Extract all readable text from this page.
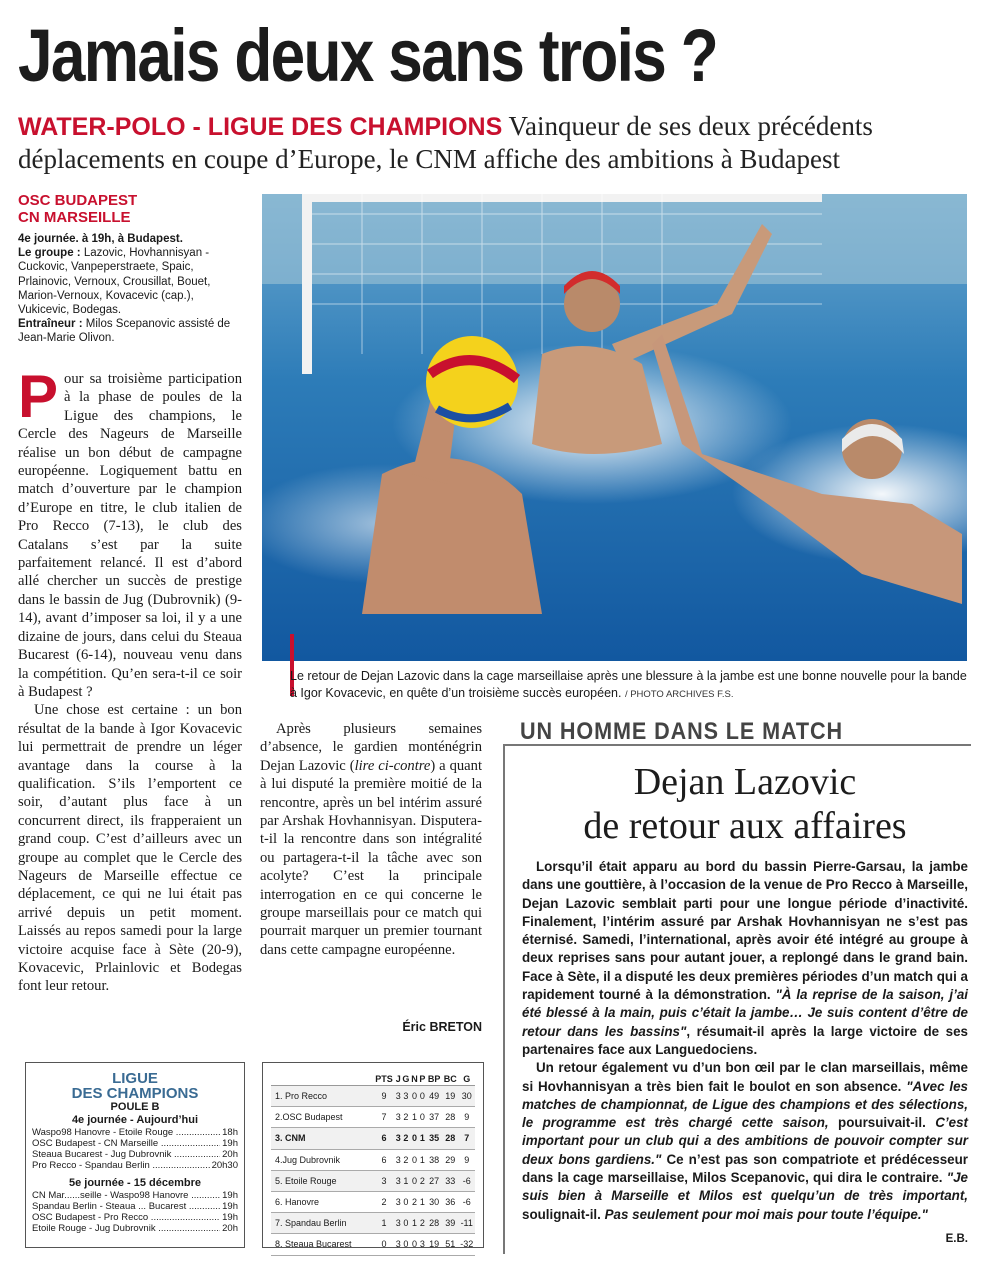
Jamais deux sans trois ?
WATER-POLO - LIGUE DES CHAMPIONS Vainqueur de ses deux précédents déplacements en coupe d’Europe, le CNM affiche des ambitions à Budapest
OSC BUDAPEST
CN MARSEILLE
4e journée. à 19h, à Budapest.
Le groupe : Lazovic, Hovhannisyan - Cuckovic, Vanpeperstraete, Spaic, Prlainovic, Vernoux, Crousillat, Bouet, Marion-Vernoux, Kovacevic (cap.), Vukicevic, Bodegas.
Entraîneur : Milos Scepanovic assisté de Jean-Marie Olivon.

Pour sa troisième participation à la phase de poules de la Ligue des champions, le Cercle des Nageurs de Marseille réalise un bon début de campagne européenne. Logiquement battu en match d’ouverture par le champion d’Europe en titre, le club italien de Pro Recco (7-13), le club des Catalans s’est par la suite parfaitement relancé. Il est d’abord allé chercher un succès de prestige dans le bassin de Jug (Dubrovnik) (9-14), avant d’imposer sa loi, il y a une dizaine de jours, dans celui du Steaua Bucarest (6-14), nouveau venu dans la compétition. Qu’en sera-t-il ce soir à Budapest ?

Une chose est certaine : un bon résultat de la bande à Igor Kovacevic lui permettrait de prendre un léger avantage dans la course à la qualification. S’ils l’emportent ce soir, d’autant plus face à un concurrent direct, ils frapperaient un grand coup. C’est d’ailleurs avec un groupe au complet que le Cercle des Nageurs de Marseille effectue ce déplacement, ce qui ne lui était pas arrivé depuis un petit moment. Laissés au repos samedi pour la large victoire acquise face à Sète (20-9), Kovacevic, Prlainlovic et Bodegas font leur retour.

Après plusieurs semaines d’absence, le gardien monténégrin Dejan Lazovic (lire ci-contre) a quant à lui disputé la première moitié de la rencontre, après un bel intérim assuré par Arshak Hovhannisyan. Disputera-t-il la rencontre dans son intégralité ou partagera-t-il la tâche avec son acolyte? C’est la principale interrogation en ce qui concerne le groupe marseillais pour ce match qui pourrait marquer un premier tournant dans cette campagne européenne.

Éric BRETON
Le retour de Dejan Lazovic dans la cage marseillaise après une blessure à la jambe est une bonne nouvelle pour la bande à Igor Kovacevic, en quête d’un troisième succès européen. / PHOTO ARCHIVES F.S.
UN HOMME DANS LE MATCH
Dejan Lazovic
de retour aux affaires

Lorsqu’il était apparu au bord du bassin Pierre-Garsau, la jambe dans une gouttière, à l’occasion de la venue de Pro Recco à Marseille, Dejan Lazovic semblait parti pour une longue période d’inactivité. Finalement, l’intérim assuré par Arshak Hovhannisyan ne s’est pas éternisé. Samedi, l’international, après avoir été intégré au groupe à deux reprises sans pour autant jouer, a replongé dans le grand bain. Face à Sète, il a disputé les deux premières périodes d’un match qui a rapidement tourné à la démonstration. "À la reprise de la saison, j’ai été blessé à la main, puis c’était la jambe… Je suis content d’être de retour dans les bassins", résumait-il après la large victoire de ses partenaires face aux Languedociens.

Un retour également vu d’un bon œil par le clan marseillais, même si Hovhannisyan a très bien fait le boulot en son absence. "Avec les matches de championnat, de Ligue des champions et des sélections, le programme est très chargé cette saison, poursuivait-il. C’est important pour un club qui a des ambitions de pouvoir compter sur deux bons gardiens." Ce n’est pas son compatriote et prédécesseur dans la cage marseillaise, Milos Scepanovic, qui dira le contraire. "Je suis bien à Marseille et Milos est quelqu’un de très important, soulignait-il. Pas seulement pour moi mais pour toute l’équipe."

E.B.
LIGUE
DES CHAMPIONS
POULE B
4e journée - Aujourd’hui
Waspo98 Hanovre - Etoile Rouge .....	18h
OSC Budapest - CN Marseille .....	19h
Steaua Bucarest - Jug Dubrovnik .....	20h
Pro Recco - Spandau Berlin .....	20h30
5e journée - 15 décembre
CN Mar......seille - Waspo98 Hanovre .....	19h
Spandau Berlin - Steaua ... Bucarest .....	19h
OSC Budapest - Pro Recco .....	19h
Etoile Rouge - Jug Dubrovnik .....	20h
	PTS	J	G	N	P	BP	BC	G
1. Pro Recco	9	3	3	0	0	49	19	30
2.OSC Budapest	7	3	2	1	0	37	28	9
3. CNM	6	3	2	0	1	35	28	7
4.Jug Dubrovnik	6	3	2	0	1	38	29	9
5. Etoile Rouge	3	3	1	0	2	27	33	-6
6. Hanovre	2	3	0	2	1	30	36	-6
7. Spandau Berlin	1	3	0	1	2	28	39	-11
8. Steaua Bucarest	0	3	0	0	3	19	51	-32
